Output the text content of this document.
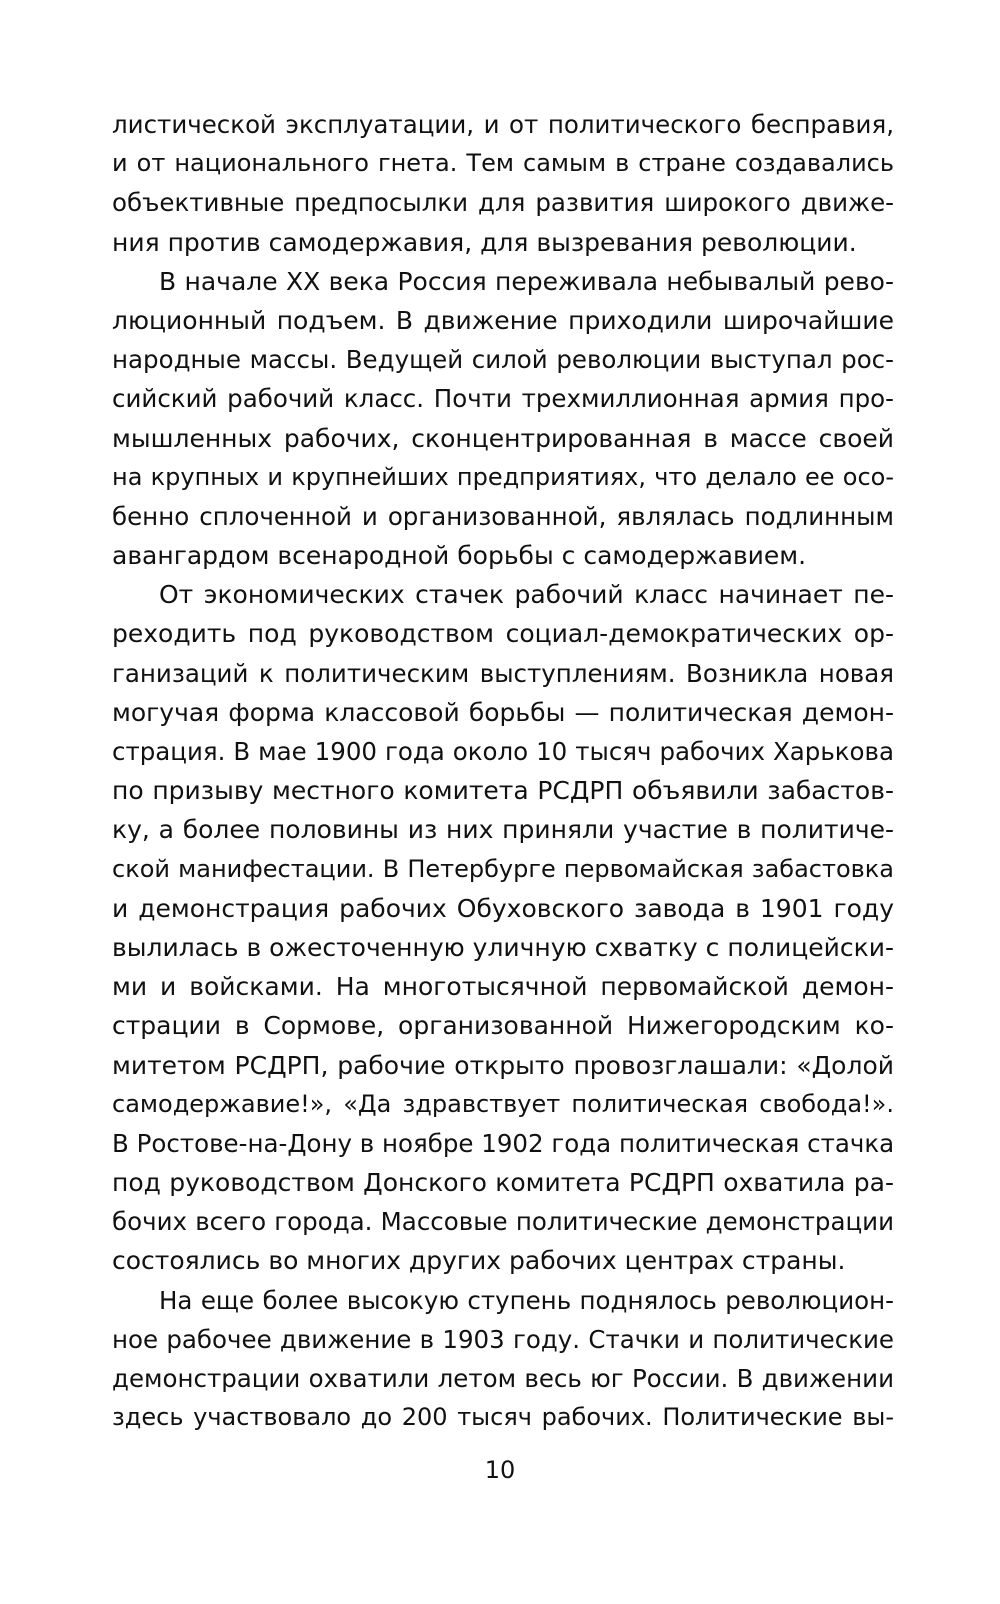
листической эксплуатации, и от политического бесправия,
и от национального гнета. Тем самым в стране создавались
объективные предпосылки для развития широкого движе-
ния против самодержавия, для вызревания революции.
В начале XX века Россия переживала небывалый рево-
люционный подъем. В движение приходили широчайшие
народные массы. Ведущей силой революции выступал рос-
сийский рабочий класс. Почти трехмиллионная армия про-
мышленных рабочих, сконцентрированная в массе своей
на крупных и крупнейших предприятиях, что делало ее осо-
бенно сплоченной и организованной, являлась подлинным
авангардом всенародной борьбы с самодержавием.
От экономических стачек рабочий класс начинает пе-
реходить под руководством социал-демократических ор-
ганизаций к политическим выступлениям. Возникла новая
могучая форма классовой борьбы — политическая демон-
страция. В мае 1900 года около 10 тысяч рабочих Харькова
по призыву местного комитета РСДРП объявили забастов-
ку, а более половины из них приняли участие в политиче-
ской манифестации. В Петербурге первомайская забастовка
и демонстрация рабочих Обуховского завода в 1901 году
вылилась в ожесточенную уличную схватку с полицейски-
ми и войсками. На многотысячной первомайской демон-
страции в Сормове, организованной Нижегородским ко-
митетом РСДРП, рабочие открыто провозглашали: «Долой
самодержавие!», «Да здравствует политическая свобода!».
В Ростове-на-Дону в ноябре 1902 года политическая стачка
под руководством Донского комитета РСДРП охватила ра-
бочих всего города. Массовые политические демонстрации
состоялись во многих других рабочих центрах страны.
На еще более высокую ступень поднялось революцион-
ное рабочее движение в 1903 году. Стачки и политические
демонстрации охватили летом весь юг России. В движении
здесь участвовало до 200 тысяч рабочих. Политические вы-
10
